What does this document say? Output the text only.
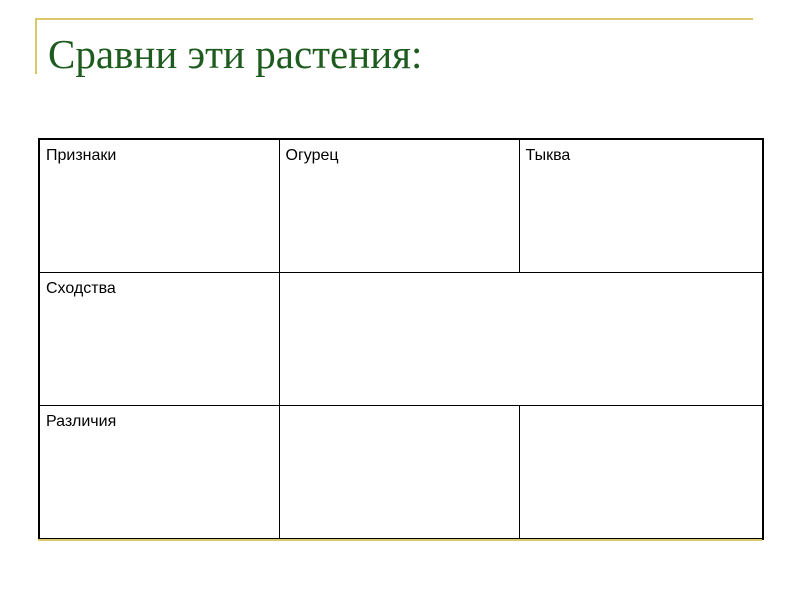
Сравни эти растения:
Признаки	Огурец	Тыква
Сходства		
Различия		
